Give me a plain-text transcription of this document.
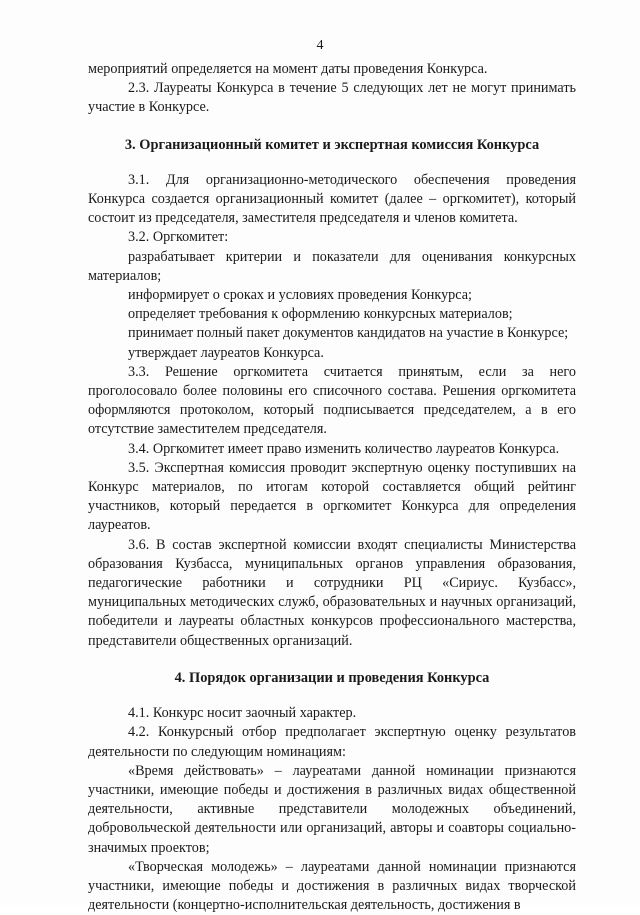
4

мероприятий определяется на момент даты проведения Конкурса.

2.3. Лауреаты Конкурса в течение 5 следующих лет не могут принимать участие в Конкурсе.

3. Организационный комитет и экспертная комиссия Конкурса

3.1. Для организационно-методического обеспечения проведения Конкурса создается организационный комитет (далее – оргкомитет), который состоит из председателя, заместителя председателя и членов комитета.

3.2. Оргкомитет:

разрабатывает критерии и показатели для оценивания конкурсных материалов;

информирует о сроках и условиях проведения Конкурса;

определяет требования к оформлению конкурсных материалов;

принимает полный пакет документов кандидатов на участие в Конкурсе;

утверждает лауреатов Конкурса.

3.3. Решение оргкомитета считается принятым, если за него проголосовало более половины его списочного состава. Решения оргкомитета оформляются протоколом, который подписывается председателем, а в его отсутствие заместителем председателя.

3.4. Оргкомитет имеет право изменить количество лауреатов Конкурса.

3.5. Экспертная комиссия проводит экспертную оценку поступивших на Конкурс материалов, по итогам которой составляется общий рейтинг участников, который передается в оргкомитет Конкурса для определения лауреатов.

3.6. В состав экспертной комиссии входят специалисты Министерства образования Кузбасса, муниципальных органов управления образования, педагогические работники и сотрудники РЦ «Сириус. Кузбасс», муниципальных методических служб, образовательных и научных организаций, победители и лауреаты областных конкурсов профессионального мастерства, представители общественных организаций.

4. Порядок организации и проведения Конкурса

4.1. Конкурс носит заочный характер.

4.2. Конкурсный отбор предполагает экспертную оценку результатов деятельности по следующим номинациям:

«Время действовать» – лауреатами данной номинации признаются участники, имеющие победы и достижения в различных видах общественной деятельности, активные представители молодежных объединений, добровольческой деятельности или организаций, авторы и соавторы социально-значимых проектов;

«Творческая молодежь» – лауреатами данной номинации признаются участники, имеющие победы и достижения в различных видах творческой деятельности (концертно-исполнительская деятельность, достижения в
